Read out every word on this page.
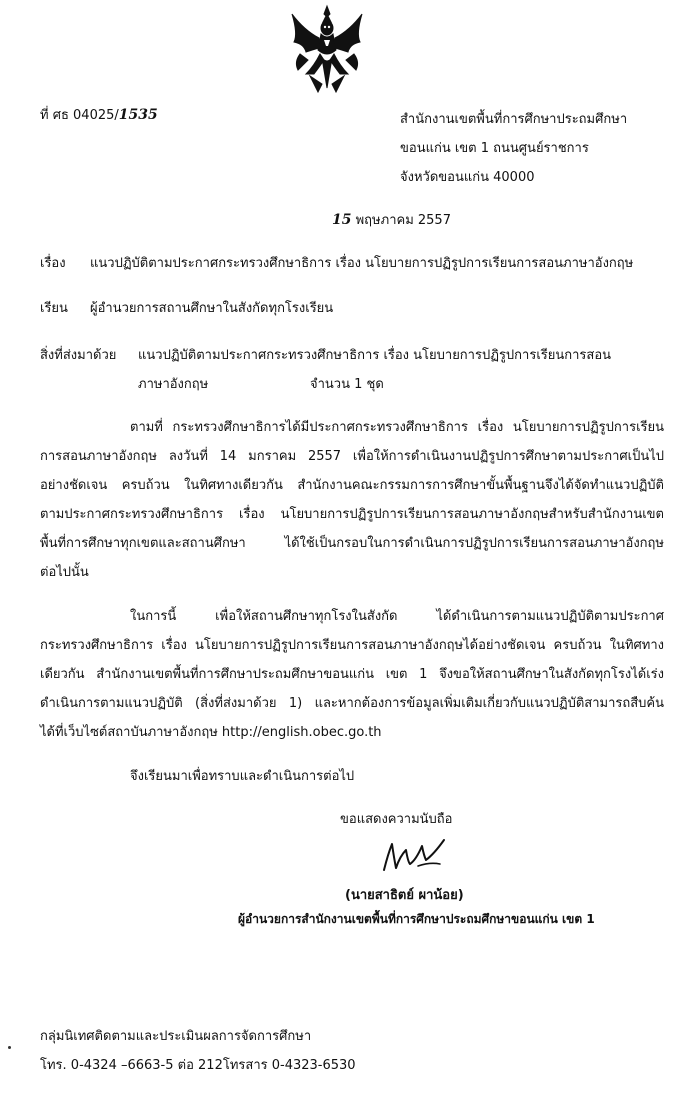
ที่ ศธ 04025/1535	สำนักงานเขตพื้นที่การศึกษาประถมศึกษา
ขอนแก่น เขต 1 ถนนศูนย์ราชการ
จังหวัดขอนแก่น 40000
15 พฤษภาคม 2557
เรื่อง แนวปฏิบัติตามประกาศกระทรวงศึกษาธิการ เรื่อง นโยบายการปฏิรูปการเรียนการสอนภาษาอังกฤษ
เรียน ผู้อำนวยการสถานศึกษาในสังกัดทุกโรงเรียน
สิ่งที่ส่งมาด้วย แนวปฏิบัติตามประกาศกระทรวงศึกษาธิการ เรื่อง นโยบายการปฏิรูปการเรียนการสอน
ภาษาอังกฤษ	จำนวน 1 ชุด
ตามที่ กระทรวงศึกษาธิการได้มีประกาศกระทรวงศึกษาธิการ เรื่อง นโยบายการปฏิรูปการเรียน
การสอนภาษาอังกฤษ ลงวันที่ 14 มกราคม 2557 เพื่อให้การดำเนินงานปฏิรูปการศึกษาตามประกาศเป็นไป
อย่างชัดเจน ครบถ้วน ในทิศทางเดียวกัน สำนักงานคณะกรรมการการศึกษาขั้นพื้นฐานจึงได้จัดทำแนวปฏิบัติ
ตามประกาศกระทรวงศึกษาธิการ เรื่อง นโยบายการปฏิรูปการเรียนการสอนภาษาอังกฤษสำหรับสำนักงานเขต
พื้นที่การศึกษาทุกเขตและสถานศึกษา ได้ใช้เป็นกรอบในการดำเนินการปฏิรูปการเรียนการสอนภาษาอังกฤษ
ต่อไปนั้น
ในการนี้ เพื่อให้สถานศึกษาทุกโรงในสังกัด ได้ดำเนินการตามแนวปฏิบัติตามประกาศ
กระทรวงศึกษาธิการ เรื่อง นโยบายการปฏิรูปการเรียนการสอนภาษาอังกฤษได้อย่างชัดเจน ครบถ้วน ในทิศทาง
เดียวกัน สำนักงานเขตพื้นที่การศึกษาประถมศึกษาขอนแก่น เขต 1 จึงขอให้สถานศึกษาในสังกัดทุกโรงได้เร่ง
ดำเนินการตามแนวปฏิบัติ (สิ่งที่ส่งมาด้วย 1) และหากต้องการข้อมูลเพิ่มเติมเกี่ยวกับแนวปฏิบัติสามารถสืบค้น
ได้ที่เว็บไซต์สถาบันภาษาอังกฤษ http://english.obec.go.th
จึงเรียนมาเพื่อทราบและดำเนินการต่อไป
ขอแสดงความนับถือ
(นายสาธิตย์ ผาน้อย)
ผู้อำนวยการสำนักงานเขตพื้นที่การศึกษาประถมศึกษาขอนแก่น เขต 1
กลุ่มนิเทศติดตามและประเมินผลการจัดการศึกษา
โทร. 0-4324 –6663-5 ต่อ 212โทรสาร 0-4323-6530
